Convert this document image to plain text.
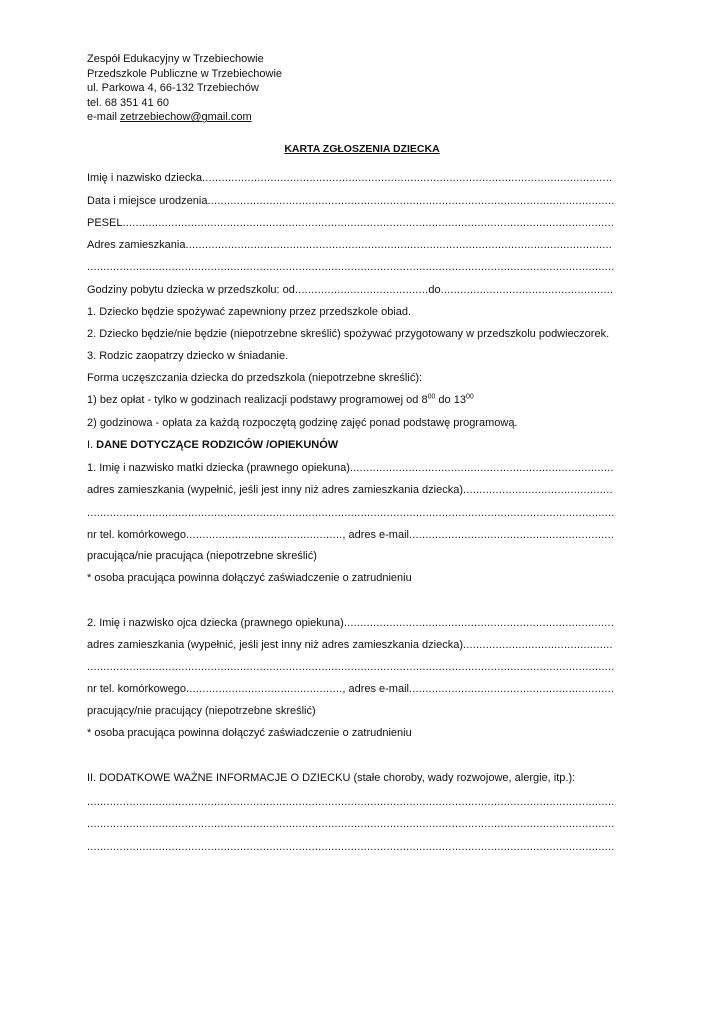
Zespół Edukacyjny w Trzebiechowie
Przedszkole Publiczne w Trzebiechowie
ul. Parkowa 4, 66-132 Trzebiechów
tel. 68 351 41 60
e-mail zetrzebiechow@gmail.com
KARTA ZGŁOSZENIA DZIECKA
Imię i nazwisko dziecka..............................................................................................................................
Data i miejsce urodzenia.............................................................................................................................
PESEL.......................................................................................................................................................
Adres zamieszkania...................................................................................................................................
..................................................................................................................................................................
Godziny pobytu dziecka w przedszkolu: od.........................................do.....................................................
1. Dziecko będzie spożywać zapewniony przez przedszkole obiad.
2. Dziecko będzie/nie będzie (niepotrzebne skreślić) spożywać przygotowany w przedszkolu podwieczorek.
3. Rodzic zaopatrzy dziecko w śniadanie.
Forma uczęszczania dziecka do przedszkola (niepotrzebne skreślić):
1) bez opłat - tylko w godzinach realizacji podstawy programowej od $8^{00}$ do $13^{00}$
2) godzinowa - opłata za każdą rozpoczętą godzinę zajęć ponad podstawę programową.
I. DANE DOTYCZĄCE RODZICÓW /OPIEKUNÓW
1. Imię i nazwisko matki dziecka (prawnego opiekuna).................................................................................
adres zamieszkania (wypełnić, jeśli jest inny niż adres zamieszkania dziecka)..............................................
..................................................................................................................................................................
nr tel. komórkowego................................................, adres e-mail...............................................................
pracująca/nie pracująca (niepotrzebne skreślić)
* osoba pracująca powinna dołączyć zaświadczenie o zatrudnieniu
2. Imię i nazwisko ojca dziecka (prawnego opiekuna)...................................................................................
adres zamieszkania (wypełnić, jeśli jest inny niż adres zamieszkania dziecka)..............................................
..................................................................................................................................................................
nr tel. komórkowego................................................, adres e-mail...............................................................
pracujący/nie pracujący (niepotrzebne skreślić)
* osoba pracująca powinna dołączyć zaświadczenie o zatrudnieniu
II. DODATKOWE WAŻNE INFORMACJE O DZIECKU (stałe choroby, wady rozwojowe, alergie, itp.):
..................................................................................................................................................................
..................................................................................................................................................................
..................................................................................................................................................................
